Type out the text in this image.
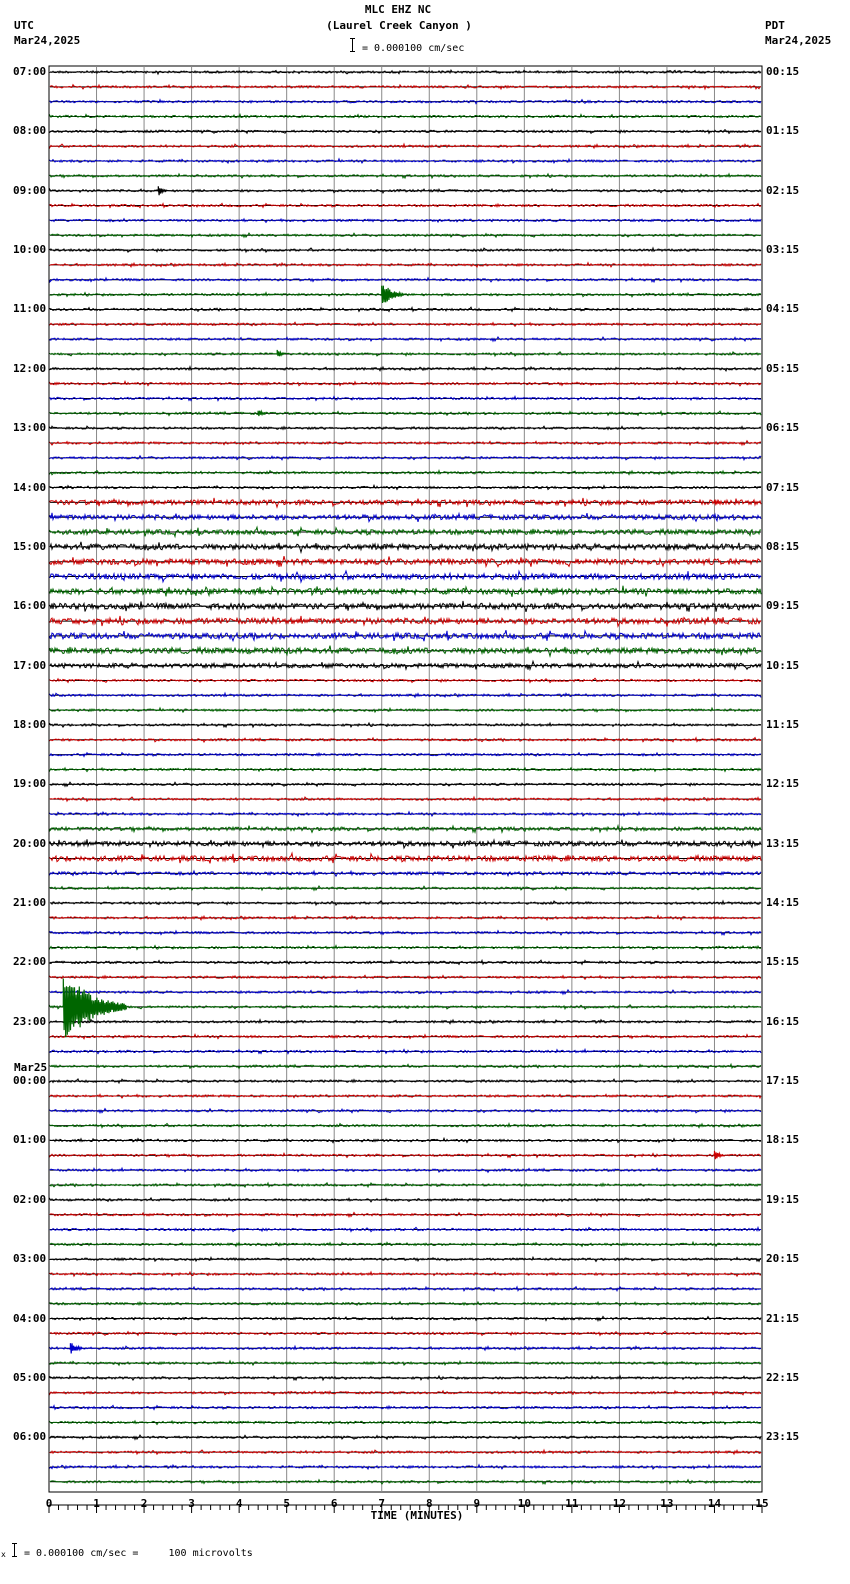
MLC EHZ NC
(Laurel Creek Canyon )
UTC
Mar24,2025
PDT
Mar24,2025
= 0.000100 cm/sec
07:00
08:00
09:00
10:00
11:00
12:00
13:00
14:00
15:00
16:00
17:00
18:00
19:00
20:00
21:00
22:00
23:00
00:00
01:00
02:00
03:00
04:00
05:00
06:00
00:15
01:15
02:15
03:15
04:15
05:15
06:15
07:15
08:15
09:15
10:15
11:15
12:15
13:15
14:15
15:15
16:15
17:15
18:15
19:15
20:15
21:15
22:15
23:15
Mar25
TIME (MINUTES)
0	1	2	3	4	5	6	7	8	9	10	11	12	13	14	15
x = 0.000100 cm/sec =     100 microvolts
